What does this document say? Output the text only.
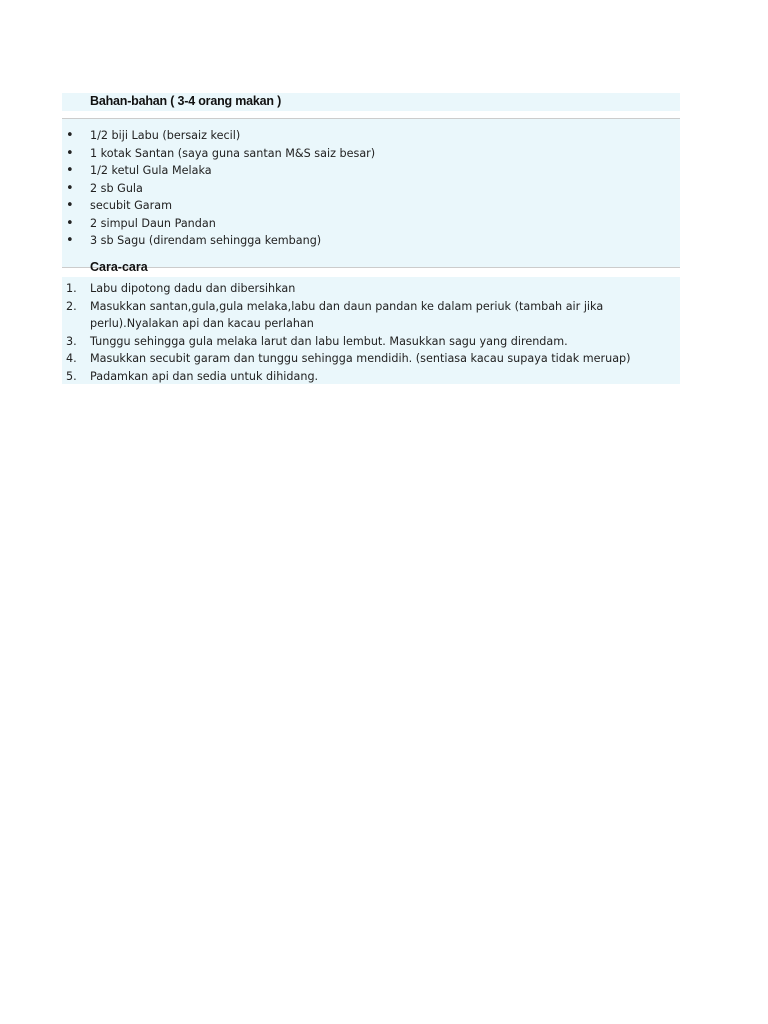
Bahan-bahan ( 3-4 orang makan )
• 1/2 biji Labu (bersaiz kecil)
• 1 kotak Santan (saya guna santan M&S saiz besar)
• 1/2 ketul Gula Melaka
• 2 sb Gula
• secubit Garam
• 2 simpul Daun Pandan
• 3 sb Sagu (direndam sehingga kembang)
Cara-cara
1. Labu dipotong dadu dan dibersihkan
2. Masukkan santan,gula,gula melaka,labu dan daun pandan ke dalam periuk (tambah air jika perlu).Nyalakan api dan kacau perlahan
3. Tunggu sehingga gula melaka larut dan labu lembut. Masukkan sagu yang direndam.
4. Masukkan secubit garam dan tunggu sehingga mendidih. (sentiasa kacau supaya tidak meruap)
5. Padamkan api dan sedia untuk dihidang.
